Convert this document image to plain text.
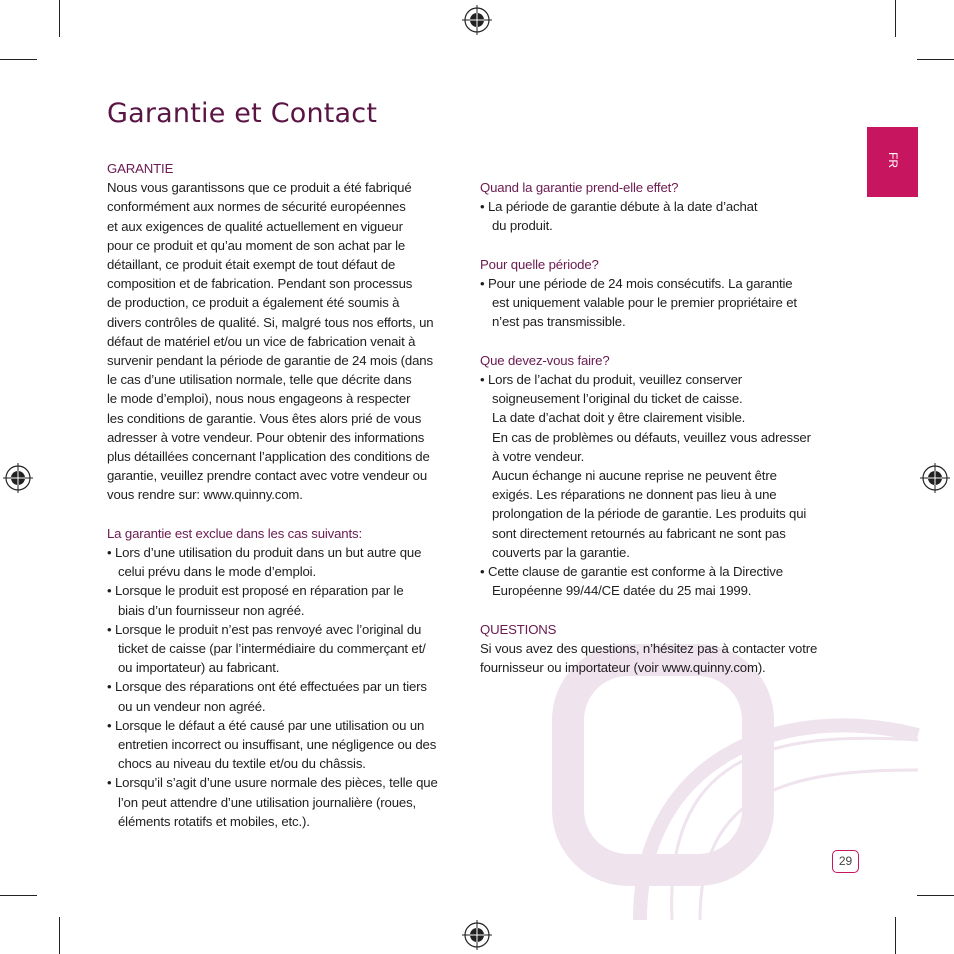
Garantie et Contact
FR

GARANTIE

Nous vous garantissons que ce produit a été fabriqué

conformément aux normes de sécurité européennes

et aux exigences de qualité actuellement en vigueur

pour ce produit et qu’au moment de son achat par le

détaillant, ce produit était exempt de tout défaut de

composition et de fabrication. Pendant son processus

de production, ce produit a également été soumis à

divers contrôles de qualité. Si, malgré tous nos efforts, un

défaut de matériel et/ou un vice de fabrication venait à

survenir pendant la période de garantie de 24 mois (dans

le cas d’une utilisation normale, telle que décrite dans

le mode d’emploi), nous nous engageons à respecter

les conditions de garantie. Vous êtes alors prié de vous

adresser à votre vendeur. Pour obtenir des informations

plus détaillées concernant l’application des conditions de

garantie, veuillez prendre contact avec votre vendeur ou

vous rendre sur: www.quinny.com.

La garantie est exclue dans les cas suivants:

• Lors d’une utilisation du produit dans un but autre que

celui prévu dans le mode d’emploi.

• Lorsque le produit est proposé en réparation par le

biais d’un fournisseur non agréé.

• Lorsque le produit n’est pas renvoyé avec l’original du

ticket de caisse (par l’intermédiaire du commerçant et/

ou importateur) au fabricant.

• Lorsque des réparations ont été effectuées par un tiers

ou un vendeur non agréé.

• Lorsque le défaut a été causé par une utilisation ou un

entretien incorrect ou insuffisant, une négligence ou des

chocs au niveau du textile et/ou du châssis.

• Lorsqu’il s’agit d’une usure normale des pièces, telle que

l’on peut attendre d’une utilisation journalière (roues,

éléments rotatifs et mobiles, etc.).

Quand la garantie prend-elle effet?

• La période de garantie débute à la date d’achat

du produit.

Pour quelle période?

• Pour une période de 24 mois consécutifs. La garantie

est uniquement valable pour le premier propriétaire et

n’est pas transmissible.

Que devez-vous faire?

• Lors de l’achat du produit, veuillez conserver

soigneusement l’original du ticket de caisse.

La date d’achat doit y être clairement visible.

En cas de problèmes ou défauts, veuillez vous adresser

à votre vendeur.

Aucun échange ni aucune reprise ne peuvent être

exigés. Les réparations ne donnent pas lieu à une

prolongation de la période de garantie. Les produits qui

sont directement retournés au fabricant ne sont pas

couverts par la garantie.

• Cette clause de garantie est conforme à la Directive

Européenne 99/44/CE datée du 25 mai 1999.

QUESTIONS

Si vous avez des questions, n’hésitez pas à contacter votre

fournisseur ou importateur (voir www.quinny.com).

29
